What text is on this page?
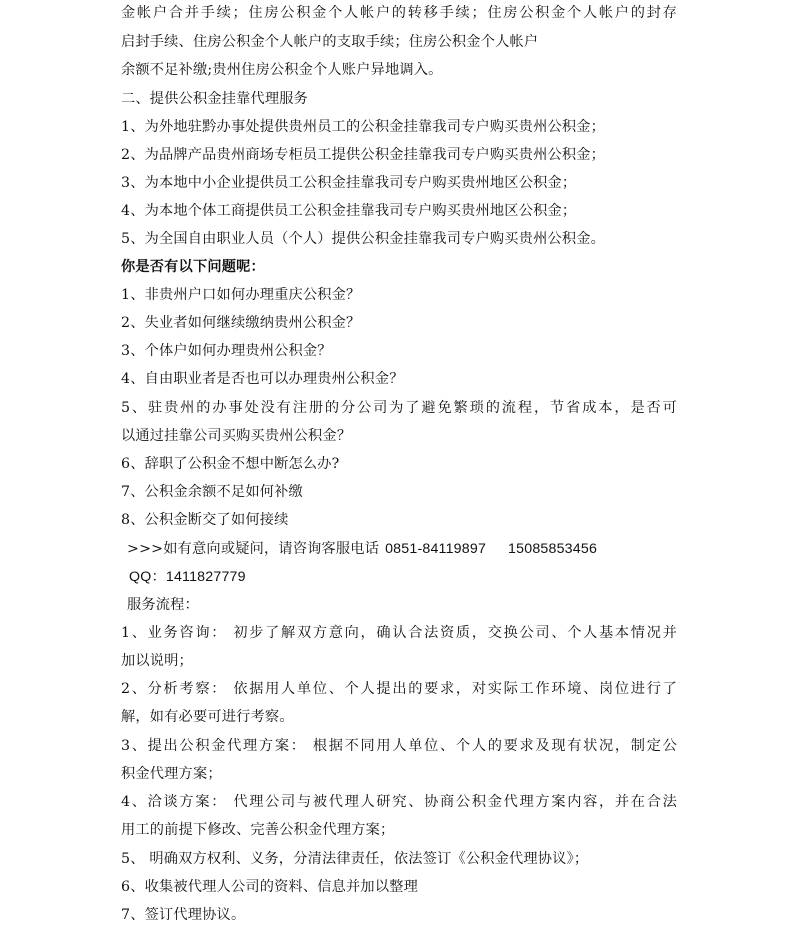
金帐户合并手续；住房公积金个人帐户的转移手续；住房公积金个人帐户的封存
启封手续、住房公积金个人帐户的支取手续；住房公积金个人帐户
余额不足补缴;贵州住房公积金个人账户异地调入。
二、提供公积金挂靠代理服务
1、为外地驻黔办事处提供贵州员工的公积金挂靠我司专户购买贵州公积金；
2、为品牌产品贵州商场专柜员工提供公积金挂靠我司专户购买贵州公积金；
3、为本地中小企业提供员工公积金挂靠我司专户购买贵州地区公积金；
4、为本地个体工商提供员工公积金挂靠我司专户购买贵州地区公积金；
5、为全国自由职业人员（个人）提供公积金挂靠我司专户购买贵州公积金。
你是否有以下问题呢：
1、非贵州户口如何办理重庆公积金？
2、失业者如何继续缴纳贵州公积金？
3、个体户如何办理贵州公积金？
4、自由职业者是否也可以办理贵州公积金？
5、驻贵州的办事处没有注册的分公司为了避免繁琐的流程，节省成本，是否可
以通过挂靠公司买购买贵州公积金？
6、辞职了公积金不想中断怎么办?
7、公积金余额不足如何补缴
8、公积金断交了如何接续
>>>如有意向或疑问，请咨询客服电话 0851-84119897 15085853456
QQ：1411827779
服务流程：
1、业务咨询： 初步了解双方意向，确认合法资质，交换公司、个人基本情况并
加以说明；
2、分析考察： 依据用人单位、个人提出的要求，对实际工作环境、岗位进行了
解，如有必要可进行考察。
3、提出公积金代理方案： 根据不同用人单位、个人的要求及现有状况，制定公
积金代理方案；
4、洽谈方案： 代理公司与被代理人研究、协商公积金代理方案内容，并在合法
用工的前提下修改、完善公积金代理方案；
5、 明确双方权利、义务，分清法律责任，依法签订《公积金代理协议》；
6、收集被代理人公司的资料、信息并加以整理
7、签订代理协议。
